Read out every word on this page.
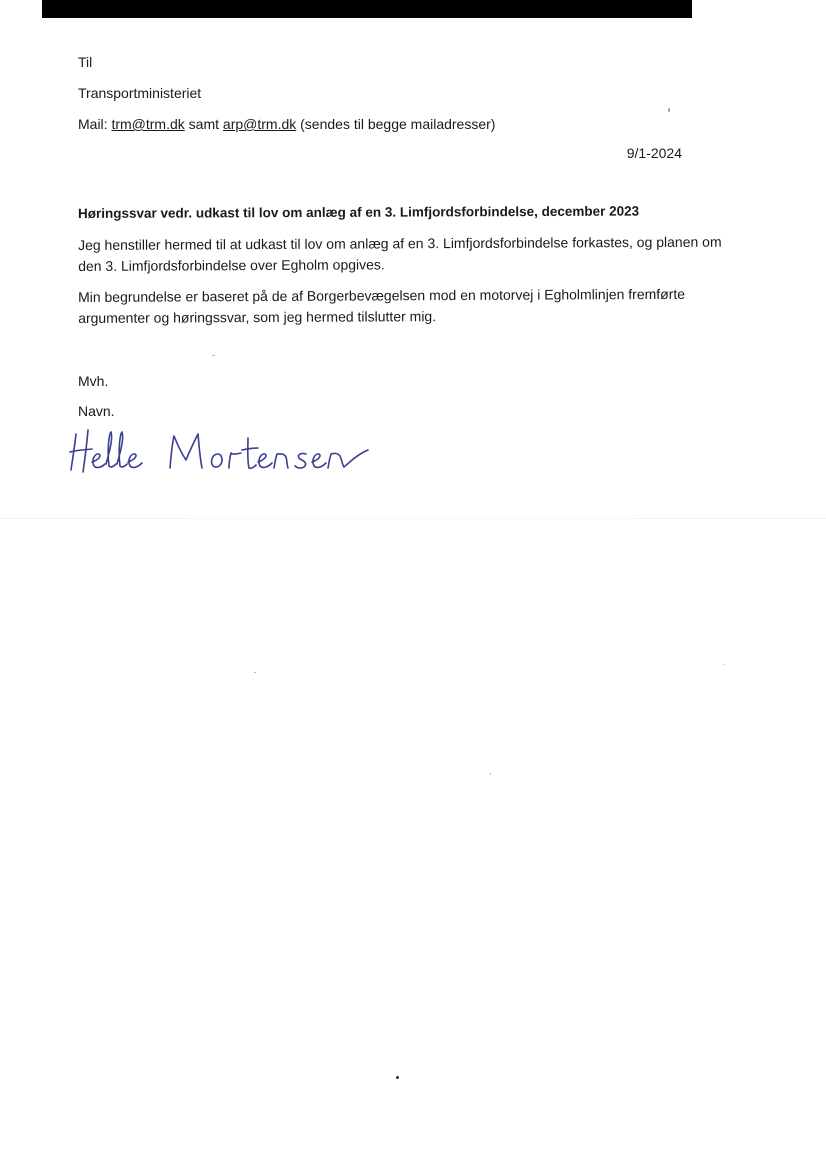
Til
Transportministeriet
Mail: trm@trm.dk samt arp@trm.dk (sendes til begge mailadresser)
9/1-2024
Høringssvar vedr. udkast til lov om anlæg af en 3. Limfjordsforbindelse, december 2023
Jeg henstiller hermed til at udkast til lov om anlæg af en 3. Limfjordsforbindelse forkastes, og planen om den 3. Limfjordsforbindelse over Egholm opgives.
Min begrundelse er baseret på de af Borgerbevægelsen mod en motorvej i Egholmlinjen fremførte argumenter og høringssvar, som jeg hermed tilslutter mig.
Mvh.
Navn.
